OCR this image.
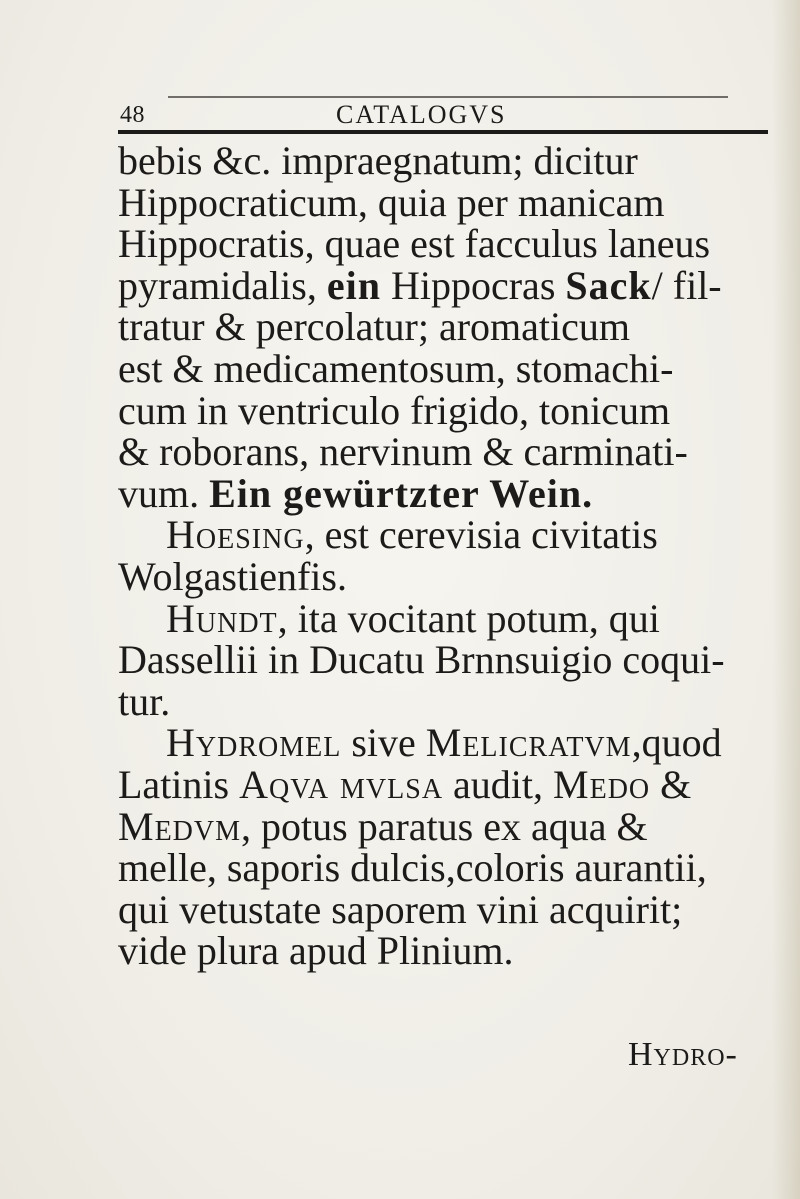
48	CATALOGVS
bebis &c. impraegnatum; dicitur
Hippocraticum, quia per manicam
Hippocratis, quae est facculus laneus
pyramidalis, ein Hippocras Sack/ fil-
tratur & percolatur; aromaticum
est & medicamentosum, stomachi-
cum in ventriculo frigido, tonicum
& roborans, nervinum & carminati-
vum. Ein gewürtzter Wein.
Hoesing, est cerevisia civitatis
Wolgastienfis.
Hundt, ita vocitant potum, qui
Dassellii in Ducatu Brnnsuigio coqui-
tur.
Hydromel sive Melicratvm,quod
Latinis Aqva mvlsa audit, Medo &
Medvm, potus paratus ex aqua &
melle, saporis dulcis,coloris aurantii,
qui vetustate saporem vini acquirit;
vide plura apud Plinium.
Hydro-
